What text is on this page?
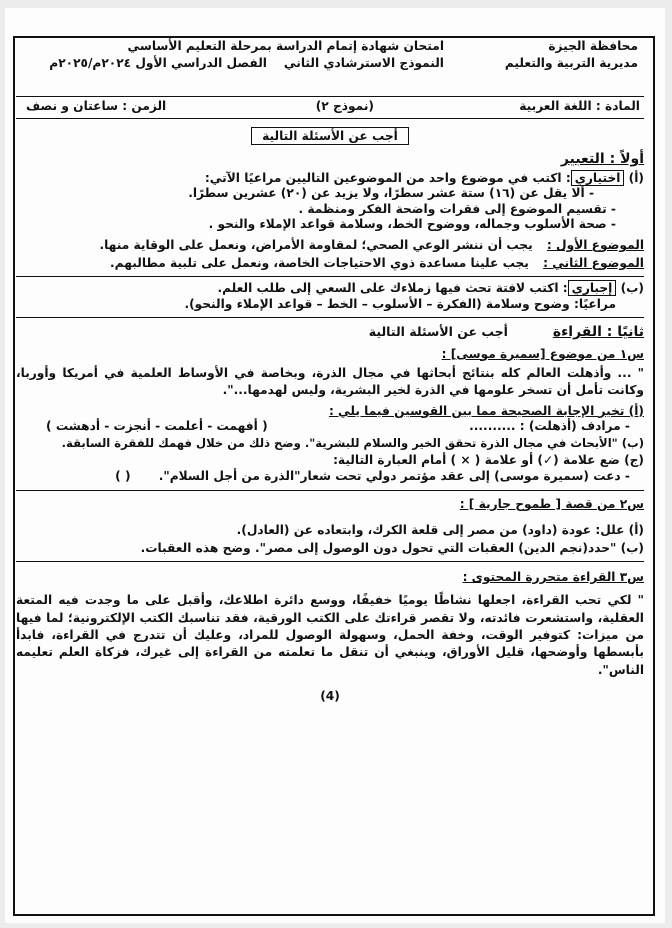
محافظة الجيزة
مديرية التربية والتعليم
امتحان شهادة إتمام الدراسة بمرحلة التعليم الأساسي
النموذج الاسترشادي الثاني    الفصل الدراسي الأول ٢٠٢٤م/٢٠٢٥م
المادة : اللغة العربية
(نموذج ٢)
الزمن : ساعتان و نصف
أجب عن الأسئلة التالية
أولاً : التعبير
(أ) اختياري: اكتب في موضوع واحد من الموضوعين التاليين مراعيًا الآتي:
- ألا يقل عن (١٦) ستة عشر سطرًا، ولا يزيد عن (٢٠) عشرين سطرًا.
- تقسيم الموضوع إلى فقرات واضحة الفكر ومنظمة .
- صحة الأسلوب وجماله، ووضوح الخط، وسلامة قواعد الإملاء والنحو .
الموضوع الأول : يجب أن ننشر الوعي الصحي؛ لمقاومة الأمراض، ونعمل على الوقاية منها.
الموضوع الثاني : يجب علينا مساعدة ذوي الاحتياجات الخاصة، ونعمل على تلبية مطالبهم.
(ب) إجباري: اكتب لافتة تحث فيها زملاءك على السعي إلى طلب العلم.
مراعيًا: وضوح وسلامة (الفكرة – الأسلوب – الخط – قواعد الإملاء والنحو).
ثانيًا : القراءة أجب عن الأسئلة التالية
س١ من موضوع [سميرة موسى] :
" ... وأذهلت العالم كله بنتائج أبحاثها في مجال الذرة، وبخاصة في الأوساط العلمية في أمريكا وأوربا، وكانت تأمل أن تسخر علومها في الذرة لخير البشرية، وليس لهدمها...".
(أ) تخير الإجابة الصحيحة مما بين القوسين فيما يلي :
- مرادف (أذهلت) : ..........
( أفهمت - أعلمت - أنجزت - أدهشت )
(ب) "الأبحاث في مجال الذرة تحقق الخير والسلام للبشرية". وضح ذلك من خلال فهمك للفقرة السابقة.
(ج) ضع علامة (✓) أو علامة ( × ) أمام العبارة التالية:
- دعت (سميرة موسى) إلى عقد مؤتمر دولي تحت شعار"الذرة من أجل السلام". ( )
س٢ من قصة [ طموح جارية ] :
(أ) علل: عودة (داود) من مصر إلى قلعة الكرك، وابتعاده عن (العادل).
(ب) "حدد(نجم الدين) العقبات التي تحول دون الوصول إلى مصر". وضح هذه العقبات.
س٣ القراءة متحررة المحتوى :
" لكي تحب القراءة، اجعلها نشاطًا يوميًا خفيفًا، ووسع دائرة اطلاعك، وأقبل على ما وجدت فيه المتعة العقلية، واستشعرت فائدته، ولا تقصر قراءتك على الكتب الورقية، فقد تناسبك الكتب الإلكترونية؛ لما فيها من ميزات: كتوفير الوقت، وخفة الحمل، وسهولة الوصول للمراد، وعليك أن تتدرج في القراءة، فابدأ بأبسطها وأوضحها، قليل الأوراق، وينبغي أن تنقل ما تعلمته من القراءة إلى غيرك، فزكاة العلم تعليمه الناس".
(4)
